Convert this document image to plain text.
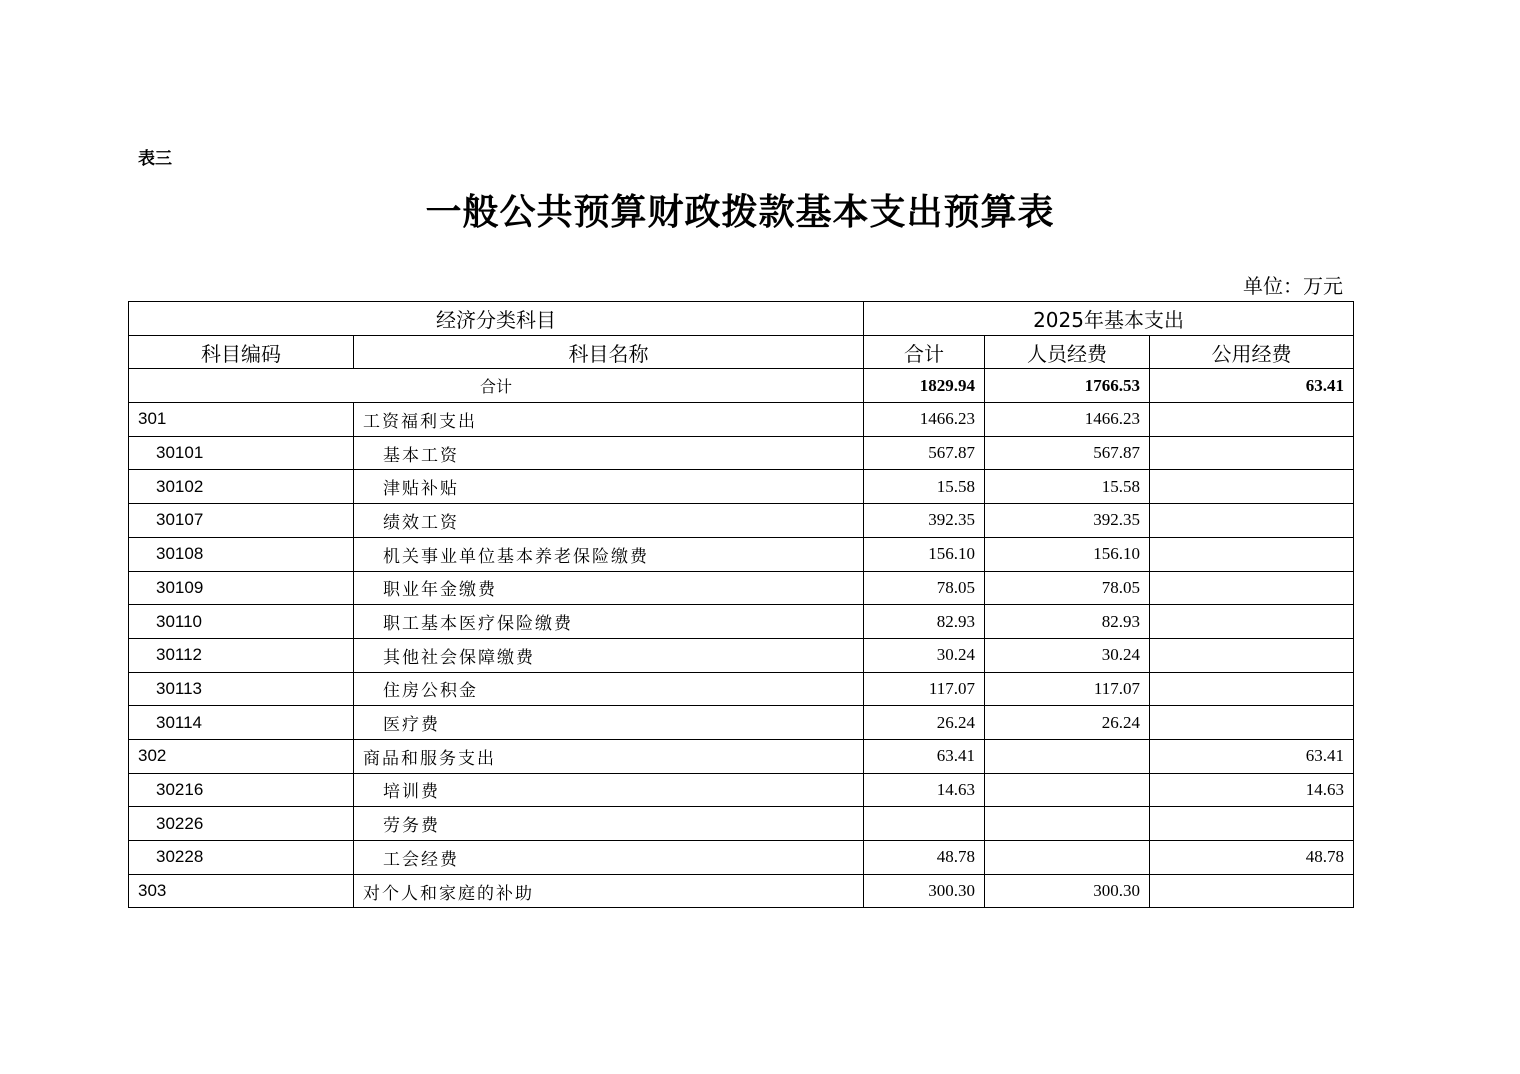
表三
一般公共预算财政拨款基本支出预算表
单位：万元
经济分类科目		2025年基本支出		
科目编码	科目名称	合计	人员经费	公用经费
合计		1829.94	1766.53	63.41
301	工资福利支出	1466.23	1466.23	
30101	基本工资	567.87	567.87	
30102	津贴补贴	15.58	15.58	
30107	绩效工资	392.35	392.35	
30108	机关事业单位基本养老保险缴费	156.10	156.10	
30109	职业年金缴费	78.05	78.05	
30110	职工基本医疗保险缴费	82.93	82.93	
30112	其他社会保障缴费	30.24	30.24	
30113	住房公积金	117.07	117.07	
30114	医疗费	26.24	26.24	
302	商品和服务支出	63.41		63.41
30216	培训费	14.63		14.63
30226	劳务费			
30228	工会经费	48.78		48.78
303	对个人和家庭的补助	300.30	300.30	
